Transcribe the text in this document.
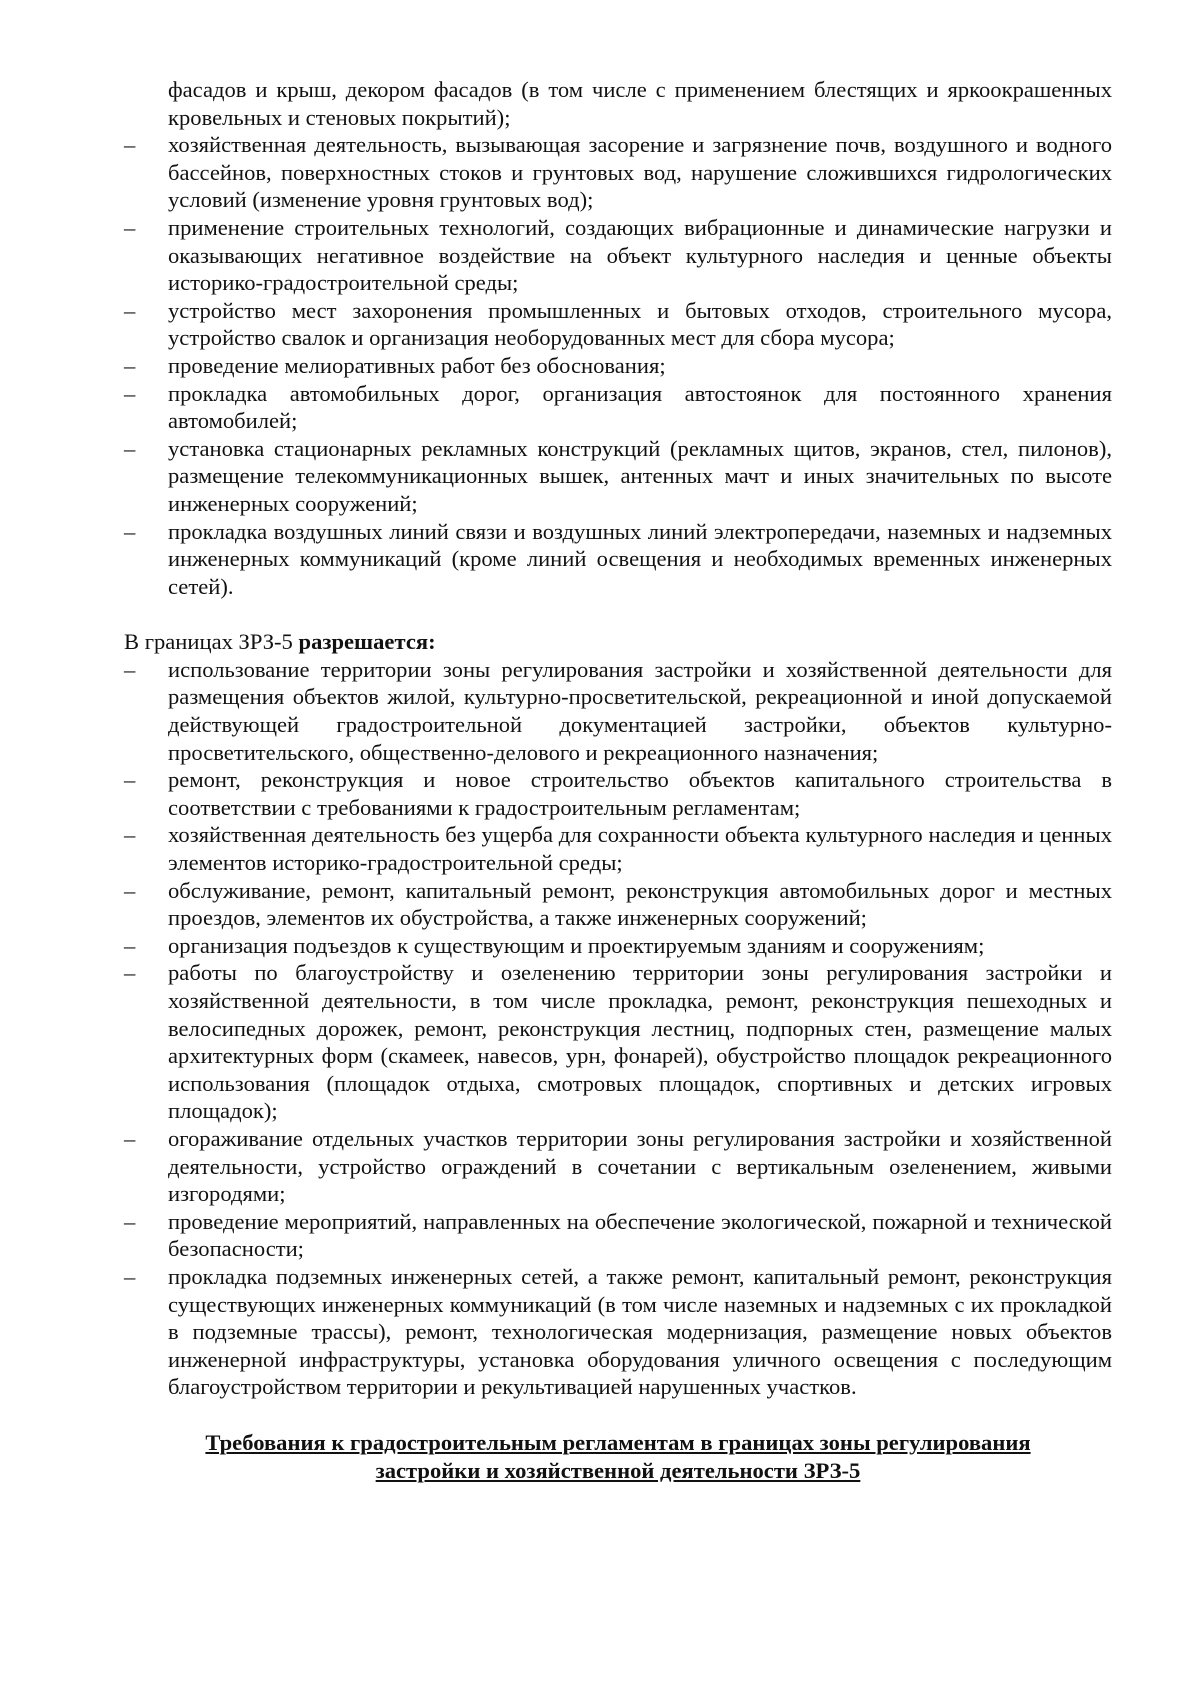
фасадов и крыш, декором фасадов (в том числе с применением блестящих и яркоокрашенных кровельных и стеновых покрытий);
– хозяйственная деятельность, вызывающая засорение и загрязнение почв, воздушного и водного бассейнов, поверхностных стоков и грунтовых вод, нарушение сложившихся гидрологических условий (изменение уровня грунтовых вод);
– применение строительных технологий, создающих вибрационные и динамические нагрузки и оказывающих негативное воздействие на объект культурного наследия и ценные объекты историко-градостроительной среды;
– устройство мест захоронения промышленных и бытовых отходов, строительного мусора, устройство свалок и организация необорудованных мест для сбора мусора;
– проведение мелиоративных работ без обоснования;
– прокладка автомобильных дорог, организация автостоянок для постоянного хранения автомобилей;
– установка стационарных рекламных конструкций (рекламных щитов, экранов, стел, пилонов), размещение телекоммуникационных вышек, антенных мачт и иных значительных по высоте инженерных сооружений;
– прокладка воздушных линий связи и воздушных линий электропередачи, наземных и надземных инженерных коммуникаций (кроме линий освещения и необходимых временных инженерных сетей).
В границах ЗРЗ-5 разрешается:
– использование территории зоны регулирования застройки и хозяйственной деятельности для размещения объектов жилой, культурно-просветительской, рекреационной и иной допускаемой действующей градостроительной документацией застройки, объектов культурно-просветительского, общественно-делового и рекреационного назначения;
– ремонт, реконструкция и новое строительство объектов капитального строительства в соответствии с требованиями к градостроительным регламентам;
– хозяйственная деятельность без ущерба для сохранности объекта культурного наследия и ценных элементов историко-градостроительной среды;
– обслуживание, ремонт, капитальный ремонт, реконструкция автомобильных дорог и местных проездов, элементов их обустройства, а также инженерных сооружений;
– организация подъездов к существующим и проектируемым зданиям и сооружениям;
– работы по благоустройству и озеленению территории зоны регулирования застройки и хозяйственной деятельности, в том числе прокладка, ремонт, реконструкция пешеходных и велосипедных дорожек, ремонт, реконструкция лестниц, подпорных стен, размещение малых архитектурных форм (скамеек, навесов, урн, фонарей), обустройство площадок рекреационного использования (площадок отдыха, смотровых площадок, спортивных и детских игровых площадок);
– огораживание отдельных участков территории зоны регулирования застройки и хозяйственной деятельности, устройство ограждений в сочетании с вертикальным озеленением, живыми изгородями;
– проведение мероприятий, направленных на обеспечение экологической, пожарной и технической безопасности;
– прокладка подземных инженерных сетей, а также ремонт, капитальный ремонт, реконструкция существующих инженерных коммуникаций (в том числе наземных и надземных с их прокладкой в подземные трассы), ремонт, технологическая модернизация, размещение новых объектов инженерной инфраструктуры, установка оборудования уличного освещения с последующим благоустройством территории и рекультивацией нарушенных участков.
Требования к градостроительным регламентам в границах зоны регулирования
застройки и хозяйственной деятельности ЗРЗ-5
